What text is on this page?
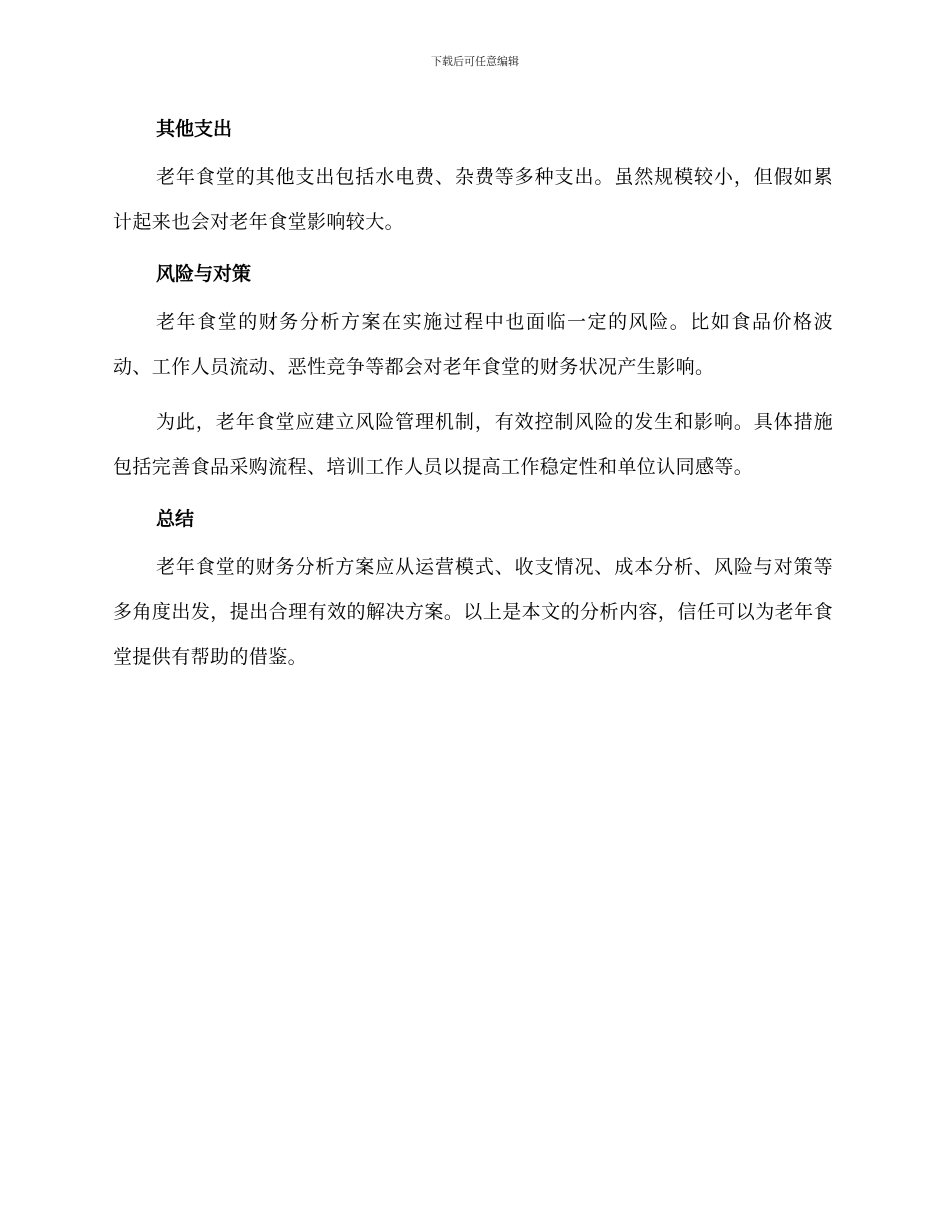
下载后可任意编辑
其他支出

老年食堂的其他支出包括水电费、杂费等多种支出。虽然规模较小，但假如累计起来也会对老年食堂影响较大。

风险与对策

老年食堂的财务分析方案在实施过程中也面临一定的风险。比如食品价格波动、工作人员流动、恶性竞争等都会对老年食堂的财务状况产生影响。

为此，老年食堂应建立风险管理机制，有效控制风险的发生和影响。具体措施包括完善食品采购流程、培训工作人员以提高工作稳定性和单位认同感等。

总结

老年食堂的财务分析方案应从运营模式、收支情况、成本分析、风险与对策等多角度出发，提出合理有效的解决方案。以上是本文的分析内容，信任可以为老年食堂提供有帮助的借鉴。
